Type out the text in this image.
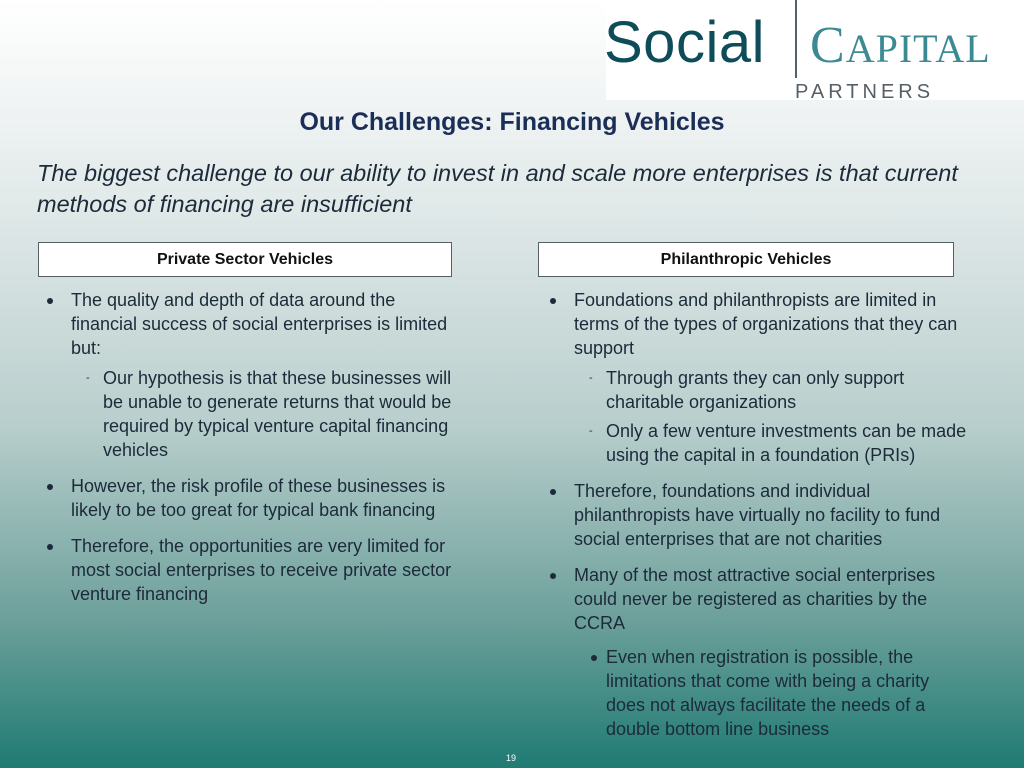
Social CAPITAL
PARTNERS
Our Challenges: Financing Vehicles
The biggest challenge to our ability to invest in and scale more enterprises is that current methods of financing are insufficient
Private Sector Vehicles	Philanthropic Vehicles
The quality and depth of data around the financial success of social enterprises is limited but:
- Our hypothesis is that these businesses will be unable to generate returns that would be required by typical venture capital financing vehicles
However, the risk profile of these businesses is likely to be too great for typical bank financing
Therefore, the opportunities are very limited for most social enterprises to receive private sector venture financing
Foundations and philanthropists are limited in terms of the types of organizations that they can support
- Through grants they can only support charitable organizations
- Only a few venture investments can be made using the capital in a foundation (PRIs)
Therefore, foundations and individual philanthropists have virtually no facility to fund social enterprises that are not charities
Many of the most attractive social enterprises could never be registered as charities by the CCRA
Even when registration is possible, the limitations that come with being a charity does not always facilitate the needs of a double bottom line business
19
